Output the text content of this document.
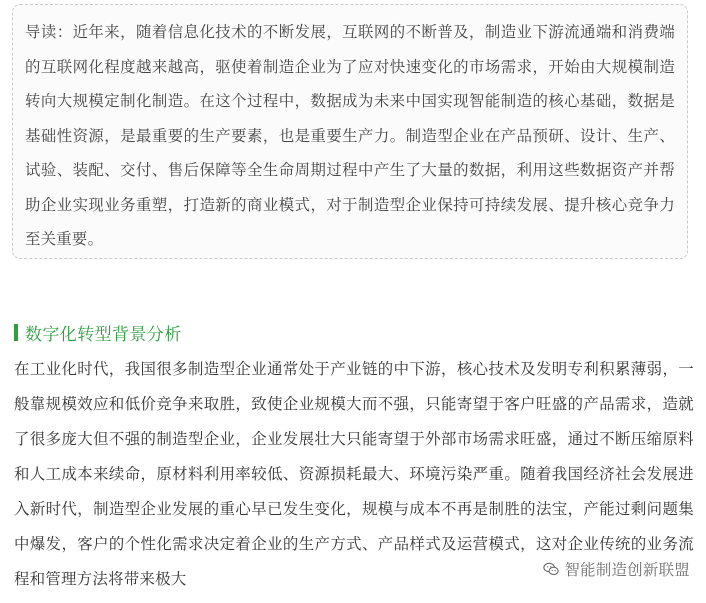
导读：近年来，随着信息化技术的不断发展，互联网的不断普及，制造业下游流通端和消费端的互联网化程度越来越高，驱使着制造企业为了应对快速变化的市场需求，开始由大规模制造转向大规模定制化制造。在这个过程中，数据成为未来中国实现智能制造的核心基础，数据是基础性资源，是最重要的生产要素，也是重要生产力。制造型企业在产品预研、设计、生产、试验、装配、交付、售后保障等全生命周期过程中产生了大量的数据，利用这些数据资产并帮助企业实现业务重塑，打造新的商业模式，对于制造型企业保持可持续发展、提升核心竞争力至关重要。

数字化转型背景分析

在工业化时代，我国很多制造型企业通常处于产业链的中下游，核心技术及发明专利积累薄弱，一般靠规模效应和低价竞争来取胜，致使企业规模大而不强，只能寄望于客户旺盛的产品需求，造就了很多庞大但不强的制造型企业，企业发展壮大只能寄望于外部市场需求旺盛，通过不断压缩原料和人工成本来续命，原材料利用率较低、资源损耗最大、环境污染严重。随着我国经济社会发展进入新时代，制造型企业发展的重心早已发生变化，规模与成本不再是制胜的法宝，产能过剩问题集中爆发，客户的个性化需求决定着企业的生产方式、产品样式及运营模式，这对企业传统的业务流程和管理方法将带来极大	智能制造创新联盟
